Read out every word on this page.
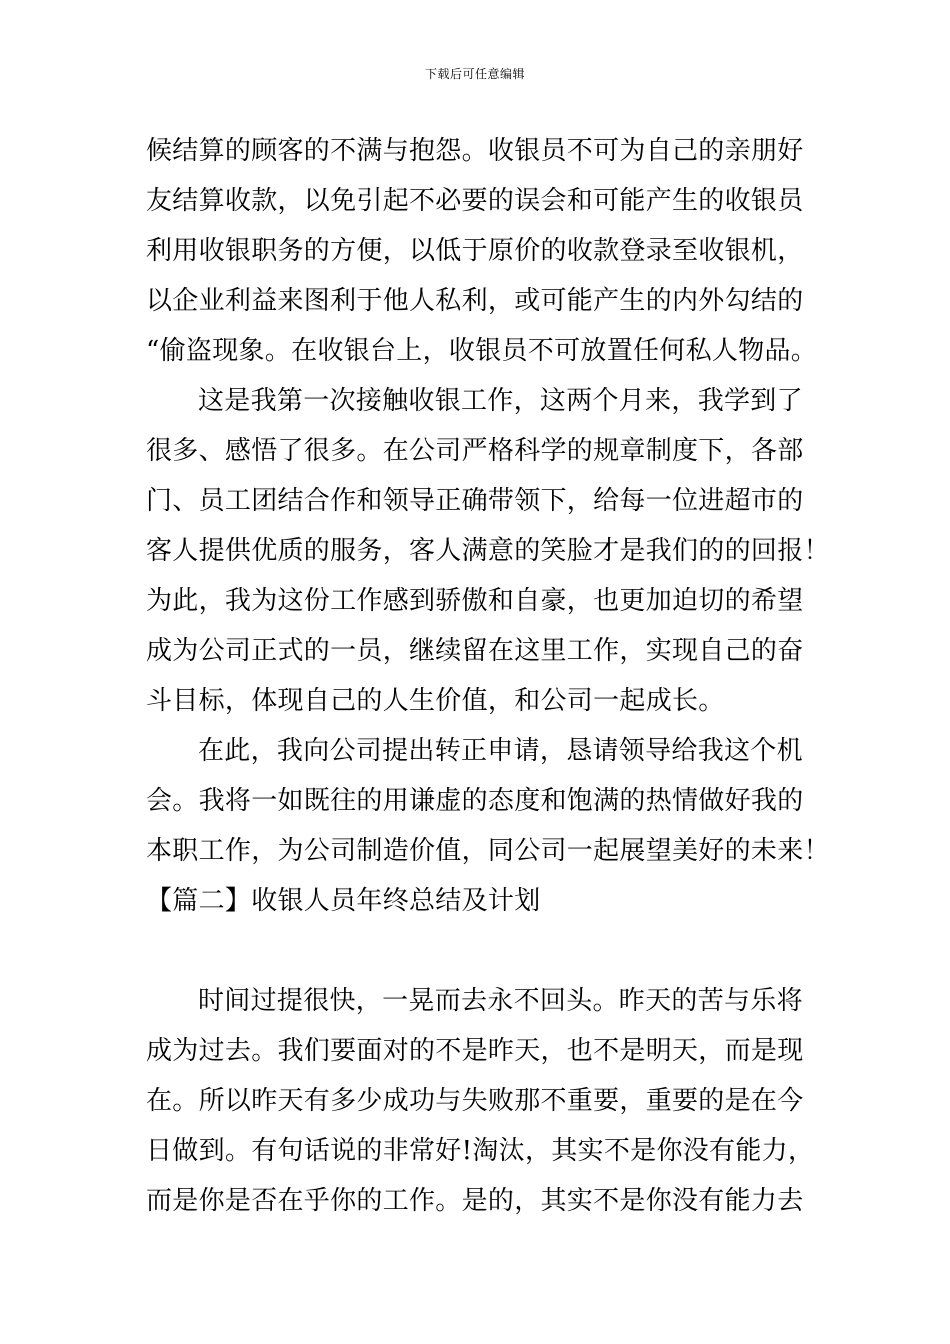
下载后可任意编辑
候结算的顾客的不满与抱怨。收银员不可为自己的亲朋好
友结算收款，以免引起不必要的误会和可能产生的收银员
利用收银职务的方便，以低于原价的收款登录至收银机，
以企业利益来图利于他人私利，或可能产生的内外勾结的
“偷盗现象。在收银台上，收银员不可放置任何私人物品。
这是我第一次接触收银工作，这两个月来，我学到了
很多、感悟了很多。在公司严格科学的规章制度下，各部
门、员工团结合作和领导正确带领下，给每一位进超市的
客人提供优质的服务，客人满意的笑脸才是我们的的回报！
为此，我为这份工作感到骄傲和自豪，也更加迫切的希望
成为公司正式的一员，继续留在这里工作，实现自己的奋
斗目标，体现自己的人生价值，和公司一起成长。
在此，我向公司提出转正申请，恳请领导给我这个机
会。我将一如既往的用谦虚的态度和饱满的热情做好我的
本职工作，为公司制造价值，同公司一起展望美好的未来！
【篇二】收银人员年终总结及计划
时间过提很快，一晃而去永不回头。昨天的苦与乐将
成为过去。我们要面对的不是昨天，也不是明天，而是现
在。所以昨天有多少成功与失败那不重要，重要的是在今
日做到。有句话说的非常好!淘汰，其实不是你没有能力，
而是你是否在乎你的工作。是的，其实不是你没有能力去
